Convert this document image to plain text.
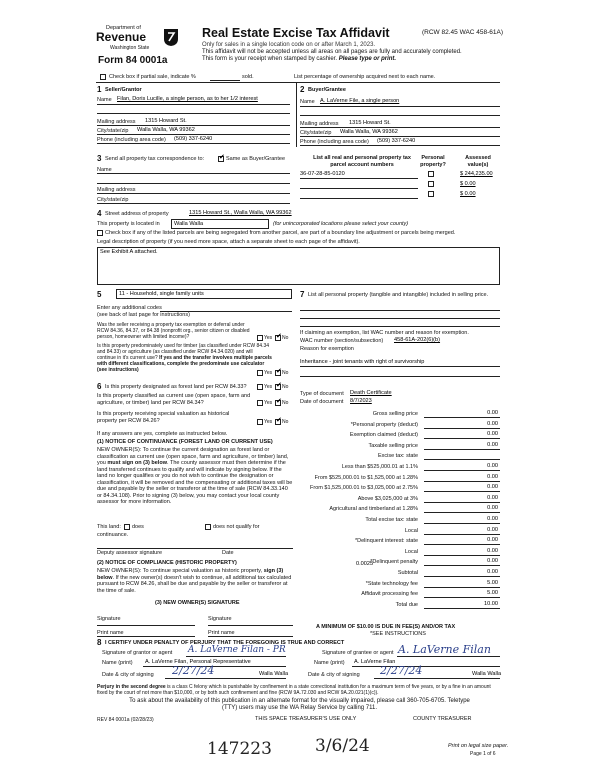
Department of
Revenue
Washington State
Form 84 0001a
Real Estate Excise Tax Affidavit	(RCW 82.45 WAC 458-61A)
Only for sales in a single location code on or after March 1, 2023.
This affidavit will not be accepted unless all areas on all pages are fully and accurately completed.
This form is your receipt when stamped by cashier. Please type or print.
Check box if partial sale, indicate %	sold.	List percentage of ownership acquired next to each name.
1 Seller/Grantor
Name Filan, Doris Lucille, a single person, as to her 1/2 interest
Mailing address 1315 Howard St.
City/state/zip Walla Walla, WA 99362
Phone (including area code) (509) 337-6240
2 Buyer/Grantee
Name A. LaVerne File, a single person
Mailing address 1315 Howard St.
City/state/zip Walla Walla, WA 99362
Phone (including area code) (509) 337-6240
3 Send all property tax correspondence to: ✔	Same as Buyer/Grantee
Name
Mailing address
City/state/zip
List all real and personal property tax parcel account numbers
Personal property?
Assessed value(s)
36-07-28-85-0120	$ 244,235.00
$ 0.00
$ 0.00
4 Street address of property	1315 Howard St., Walla Walla, WA 99362
This property is located in	Walla Walla	(for unincorporated locations please select your county)
Check box if any of the listed parcels are being segregated from another parcel, are part of a boundary line adjustment or parcels being merged.
Legal description of property (if you need more space, attach a separate sheet to each page of the affidavit).
See Exhibit A attached.
5	11 - Household, single family units
Enter any additional codes
(see back of last page for instructions)
Was the seller receiving a property tax exemption or deferral under RCW 84.36, 84.37, or 84.38 (nonprofit org., senior citizen or disabled person, homeowner with limited income)?	Yes ✔ No
Is this property predominately used for timber (as classified under RCW 84.34 and 84.33) or agriculture (as classified under RCW 84.34.020) and will continue in it's current use? If yes and the transfer involves multiple parcels with different classifications, complete the predominate use calculator (see instructions)	Yes ✔ No
6 Is this property designated as forest land per RCW 84.33?	Yes ✔ No
Is this property classified as current use (open space, farm and agriculture, or timber) land per RCW 84.34?	Yes ✔ No
Is this property receiving special valuation as historical property per RCW 84.26?	Yes ✔ No
If any answers are yes, complete as instructed below.
(1) NOTICE OF CONTINUANCE (FOREST LAND OR CURRENT USE)
NEW OWNER(S): To continue the current designation as forest land or classification as current use (open space, farm and agriculture, or timber) land, you must sign on (3) below. The county assessor must then determine if the land transferred continues to qualify and will indicate by signing below. If the land no longer qualifies or you do not wish to continue the designation or classification, it will be removed and the compensating or additional taxes will be due and payable by the seller or transferor at the time of sale (RCW 84.33.140 or 84.34.108). Prior to signing (3) below, you may contact your local county assessor for more information.
This land: does	does not qualify for
continuance.
Deputy assessor signature	Date
(2) NOTICE OF COMPLIANCE (HISTORIC PROPERTY)
NEW OWNER(S): To continue special valuation as historic property, sign (3) below. If the new owner(s) doesn't wish to continue, all additional tax calculated pursuant to RCW 84.26, shall be due and payable by the seller or transferor at the time of sale.
(3) NEW OWNER(S) SIGNATURE
Signature	Signature
Print name	Print name
7 List all personal property (tangible and intangible) included in selling price.
If claiming an exemption, list WAC number and reason for exemption.
WAC number (section/subsection) 458-61A-202(6)(b)
Reason for exemption
Inheritance - joint tenants with right of survivorship
Type of document Death Certificate
Date of document 8/7/2023
Gross selling price	0.00
*Personal property (deduct)	0.00
Exemption claimed (deduct)	0.00
Taxable selling price	0.00
Excise tax: state
Less than $525,000.01 at 1.1%	0.00
From $525,000.01 to $1,525,000 at 1.28%	0.00
From $1,525,000.01 to $3,025,000 at 2.75%	0.00
Above $3,025,000 at 3%	0.00
Agricultural and timberland at 1.28%	0.00
Total excise tax: state	0.00
Local	0.00
*Delinquent interest: state	0.00
Local	0.00
*Delinquent penalty	0.00
Subtotal	0.00
*State technology fee	5.00
Affidavit processing fee	5.00
Total due	10.00
0.0025
A MINIMUM OF $10.00 IS DUE IN FEE(S) AND/OR TAX
*SEE INSTRUCTIONS
8 I CERTIFY UNDER PENALTY OF PERJURY THAT THE FOREGOING IS TRUE AND CORRECT
Signature of grantor or agent A. LaVerne Filan - PR
Name (print) A. LaVerne Filan, Personal Representative
Date & city of signing 2/27/24	Walla Walla
Signature of grantee or agent A. LaVerne Filan
Name (print) A. LaVerne Filan
Date & city of signing 2/27/24	Walla Walla
Perjury in the second degree is a class C felony which is punishable by confinement in a state correctional institution for a maximum term of five years, or by a fine in an amount fixed by the court of not more than $10,000, or by both such confinement and fine (RCW 9A.72.030 and RCW 9A.20.021(1)(c)).
To ask about the availability of this publication in an alternate format for the visually impaired, please call 360-705-6705. Teletype
(TTY) users may use the WA Relay Service by calling 711.
REV 84 0001a (02/28/23)	THIS SPACE TREASURER'S USE ONLY	COUNTY TREASURER
147223	3/6/24	Print on legal size paper.
Page 1 of 6
